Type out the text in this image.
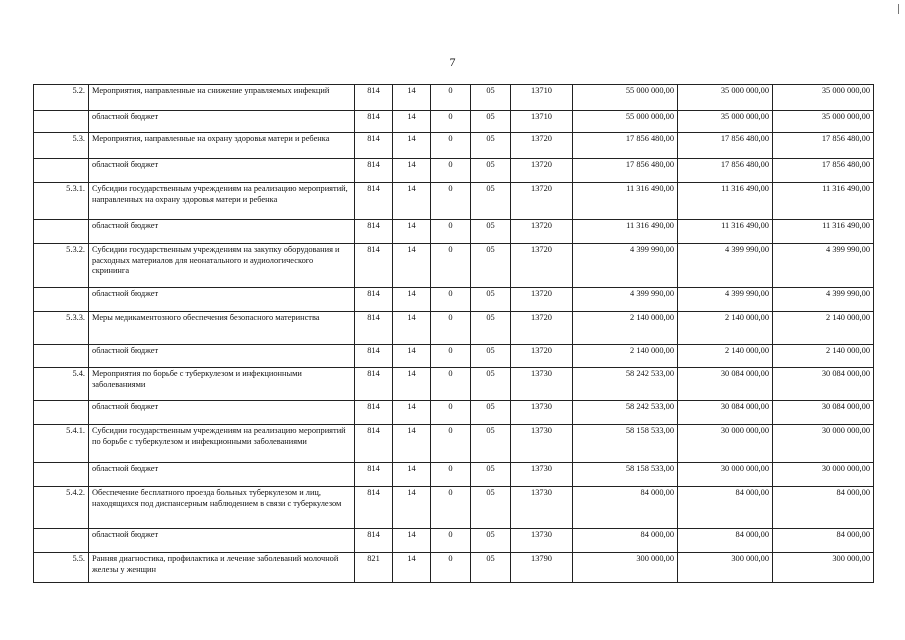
7
5.2.	Мероприятия, направленные на снижение управляемых инфекций	814	14	0	05	13710	55 000 000,00	35 000 000,00	35 000 000,00
	областной бюджет	814	14	0	05	13710	55 000 000,00	35 000 000,00	35 000 000,00
5.3.	Мероприятия, направленные на охрану здоровья матери и ребенка	814	14	0	05	13720	17 856 480,00	17 856 480,00	17 856 480,00
	областной бюджет	814	14	0	05	13720	17 856 480,00	17 856 480,00	17 856 480,00
5.3.1.	Субсидии государственным учреждениям на реализацию мероприятий, направленных на охрану здоровья матери и ребенка	814	14	0	05	13720	11 316 490,00	11 316 490,00	11 316 490,00
	областной бюджет	814	14	0	05	13720	11 316 490,00	11 316 490,00	11 316 490,00
5.3.2.	Субсидии государственным учреждениям на закупку оборудования и расходных материалов для неонатального и аудиологического скрининга	814	14	0	05	13720	4 399 990,00	4 399 990,00	4 399 990,00
	областной бюджет	814	14	0	05	13720	4 399 990,00	4 399 990,00	4 399 990,00
5.3.3.	Меры медикаментозного обеспечения безопасного материнства	814	14	0	05	13720	2 140 000,00	2 140 000,00	2 140 000,00
	областной бюджет	814	14	0	05	13720	2 140 000,00	2 140 000,00	2 140 000,00
5.4.	Мероприятия по борьбе с туберкулезом и инфекционными заболеваниями	814	14	0	05	13730	58 242 533,00	30 084 000,00	30 084 000,00
	областной бюджет	814	14	0	05	13730	58 242 533,00	30 084 000,00	30 084 000,00
5.4.1.	Субсидии государственным учреждениям на реализацию мероприятий по борьбе с туберкулезом и инфекционными заболеваниями	814	14	0	05	13730	58 158 533,00	30 000 000,00	30 000 000,00
	областной бюджет	814	14	0	05	13730	58 158 533,00	30 000 000,00	30 000 000,00
5.4.2.	Обеспечение бесплатного проезда больных туберкулезом и лиц, находящихся под диспансерным наблюдением в связи с туберкулезом	814	14	0	05	13730	84 000,00	84 000,00	84 000,00
	областной бюджет	814	14	0	05	13730	84 000,00	84 000,00	84 000,00
5.5.	Ранняя диагностика, профилактика и лечение заболеваний молочной железы у женщин	821	14	0	05	13790	300 000,00	300 000,00	300 000,00
